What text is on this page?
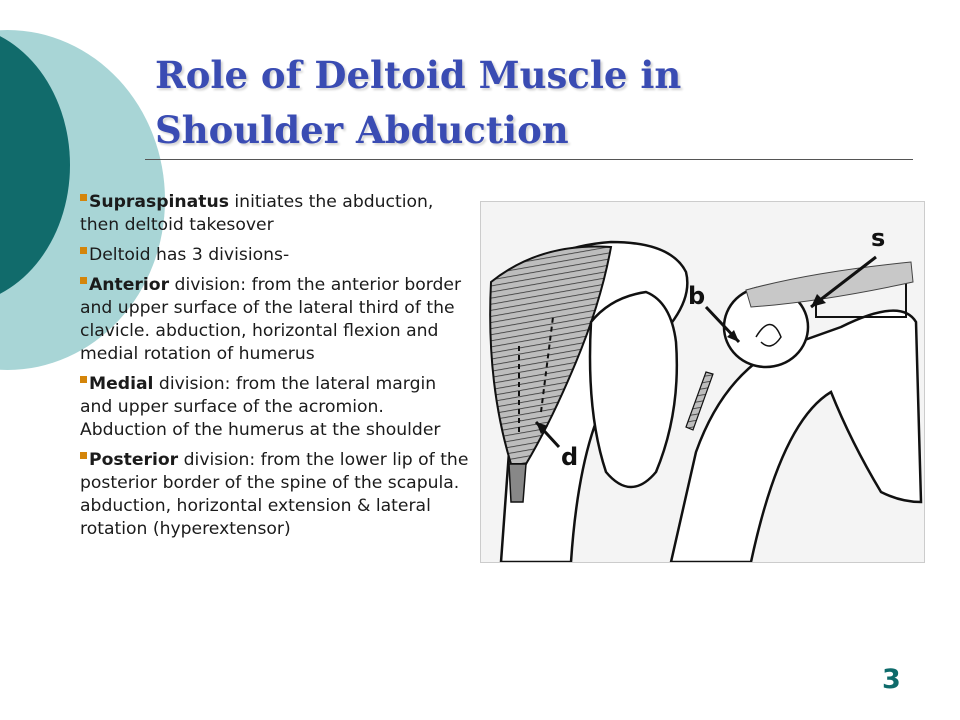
Role of Deltoid Muscle in
Shoulder Abduction
Supraspinatus initiates the abduction, then deltoid takesover
Deltoid has 3 divisions-
Anterior division: from the anterior border and upper surface of the lateral third of the clavicle. abduction, horizontal flexion and medial rotation of humerus
Medial division: from the lateral margin and upper surface of the acromion. Abduction of the humerus at the shoulder
Posterior division: from the lower lip of the posterior border of the spine of the scapula. abduction, horizontal extension & lateral rotation (hyperextensor)
s
b
d
3
